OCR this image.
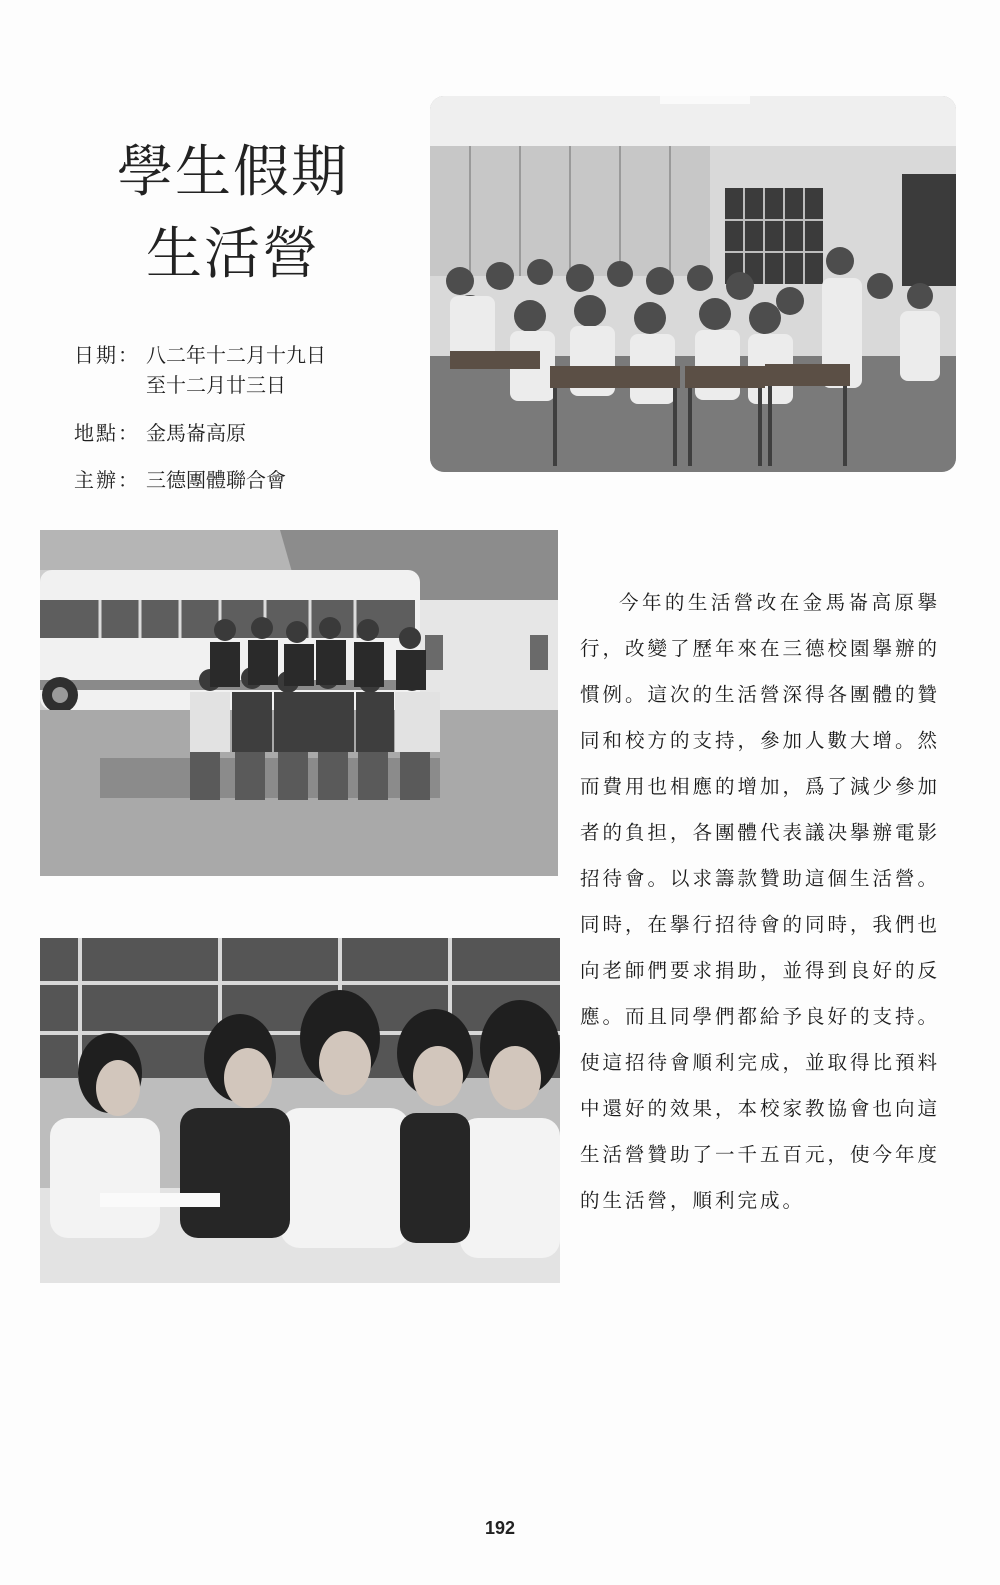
學生假期
生活營
日期： 八二年十二月十九日
至十二月廿三日
地點： 金馬崙高原
主辦： 三德團體聯合會
今年的生活營改在金馬崙高原擧行，改變了歷年來在三德校園擧辦的慣例。這次的生活營深得各團體的贊同和校方的支持，參加人數大增。然而費用也相應的增加，爲了減少參加者的負担，各團體代表議决擧辦電影招待會。以求籌款贊助這個生活營。同時，在擧行招待會的同時，我們也向老師們要求捐助，並得到良好的反應。而且同學們都給予良好的支持。使這招待會順利完成，並取得比預料中還好的效果，本校家教協會也向這生活營贊助了一千五百元，使今年度的生活營，順利完成。
192
